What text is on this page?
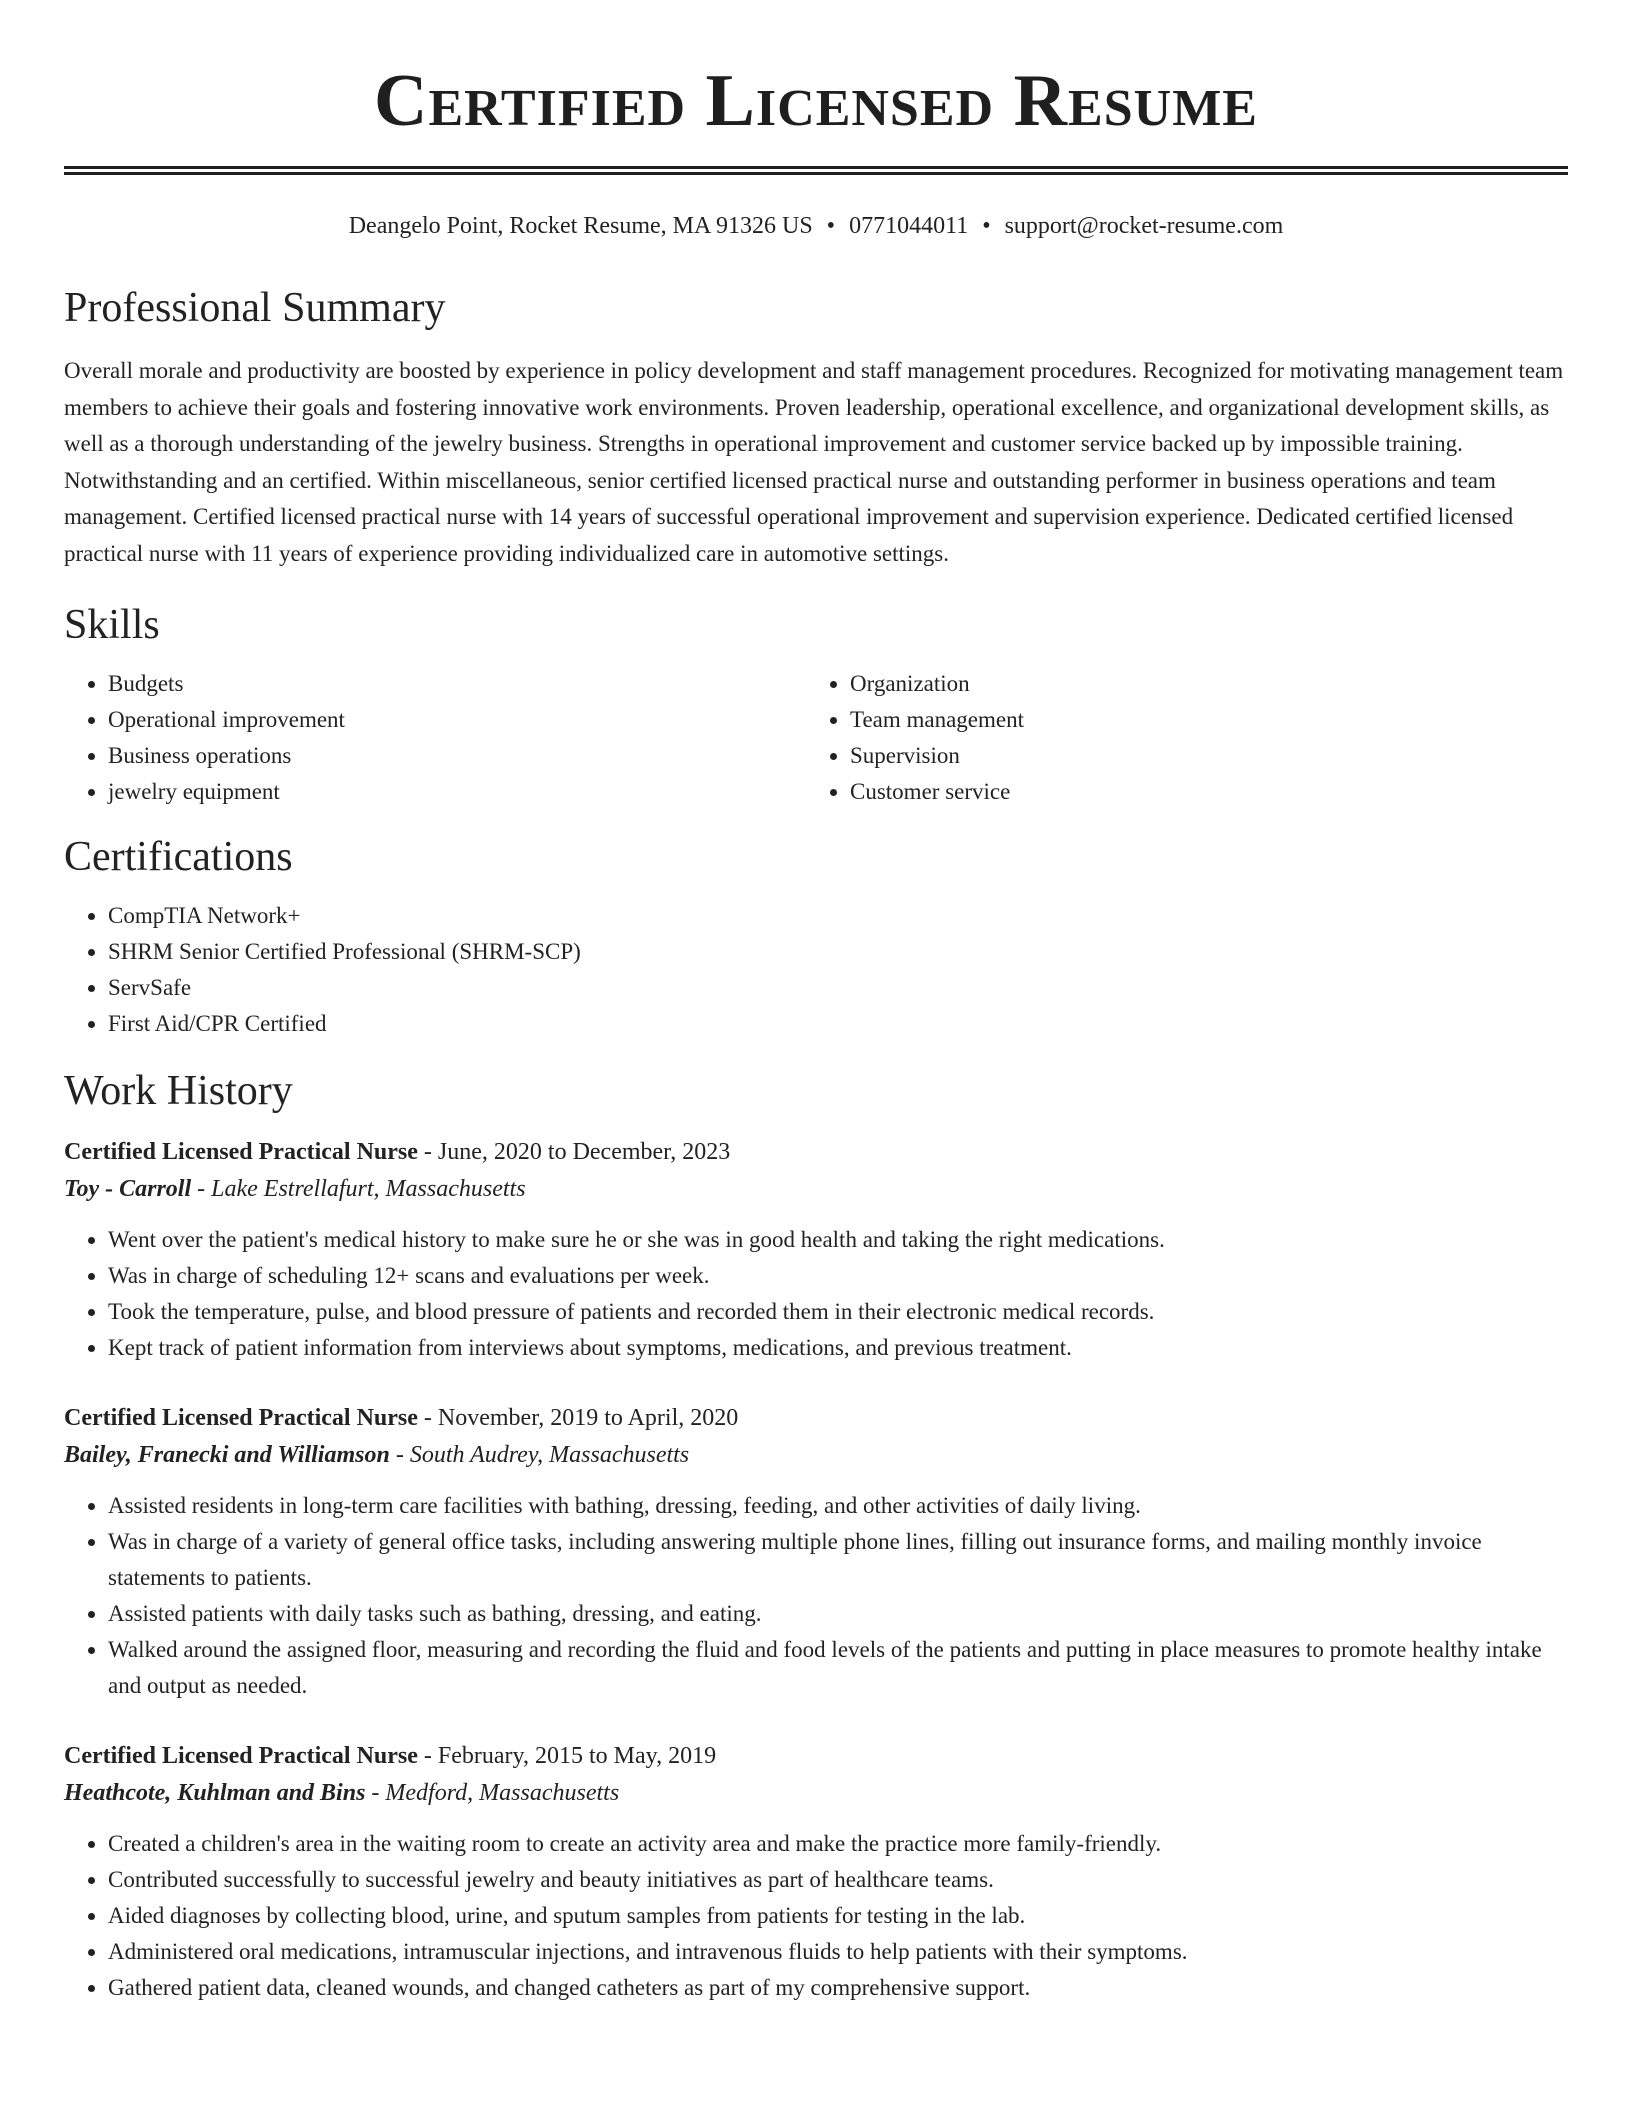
Certified Licensed Resume
Deangelo Point, Rocket Resume, MA 91326 US • 0771044011 • support@rocket-resume.com
Professional Summary

Overall morale and productivity are boosted by experience in policy development and staff management procedures. Recognized for motivating management team members to achieve their goals and fostering innovative work environments. Proven leadership, operational excellence, and organizational development skills, as well as a thorough understanding of the jewelry business. Strengths in operational improvement and customer service backed up by impossible training. Notwithstanding and an certified. Within miscellaneous, senior certified licensed practical nurse and outstanding performer in business operations and team management. Certified licensed practical nurse with 14 years of successful operational improvement and supervision experience. Dedicated certified licensed practical nurse with 11 years of experience providing individualized care in automotive settings.

Skills
• Budgets
• Operational improvement
• Business operations
• jewelry equipment
• Organization
• Team management
• Supervision
• Customer service
Certifications
• CompTIA Network+
• SHRM Senior Certified Professional (SHRM-SCP)
• ServSafe
• First Aid/CPR Certified
Work History
Certified Licensed Practical Nurse - June, 2020 to December, 2023
Toy - Carroll - Lake Estrellafurt, Massachusetts
• Went over the patient's medical history to make sure he or she was in good health and taking the right medications.
• Was in charge of scheduling 12+ scans and evaluations per week.
• Took the temperature, pulse, and blood pressure of patients and recorded them in their electronic medical records.
• Kept track of patient information from interviews about symptoms, medications, and previous treatment.
Certified Licensed Practical Nurse - November, 2019 to April, 2020
Bailey, Franecki and Williamson - South Audrey, Massachusetts
• Assisted residents in long-term care facilities with bathing, dressing, feeding, and other activities of daily living.
• Was in charge of a variety of general office tasks, including answering multiple phone lines, filling out insurance forms, and mailing monthly invoice statements to patients.
• Assisted patients with daily tasks such as bathing, dressing, and eating.
• Walked around the assigned floor, measuring and recording the fluid and food levels of the patients and putting in place measures to promote healthy intake and output as needed.
Certified Licensed Practical Nurse - February, 2015 to May, 2019
Heathcote, Kuhlman and Bins - Medford, Massachusetts
• Created a children's area in the waiting room to create an activity area and make the practice more family-friendly.
• Contributed successfully to successful jewelry and beauty initiatives as part of healthcare teams.
• Aided diagnoses by collecting blood, urine, and sputum samples from patients for testing in the lab.
• Administered oral medications, intramuscular injections, and intravenous fluids to help patients with their symptoms.
• Gathered patient data, cleaned wounds, and changed catheters as part of my comprehensive support.
